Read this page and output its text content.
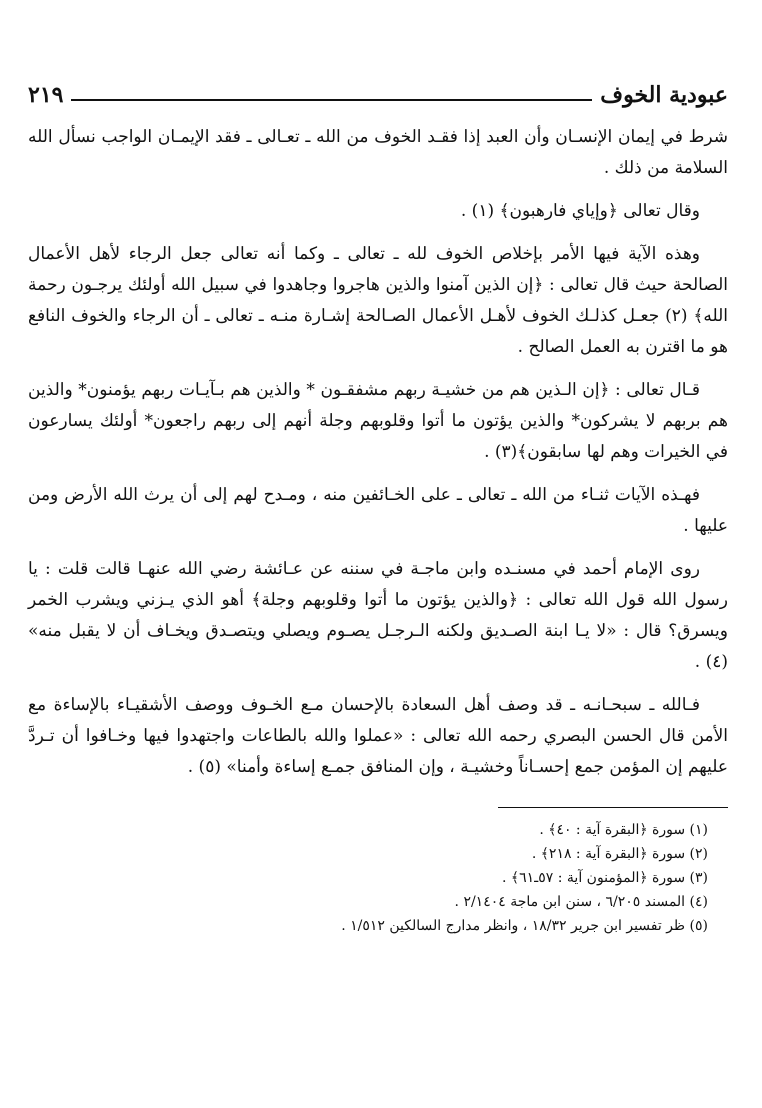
عبودية الخوف
٢١٩

شرط في إيمان الإنسـان وأن العبد إذا فقـد الخوف من الله ـ تعـالى ـ فقد الإيمـان الواجب نسأل الله السلامة من ذلك .

وقال تعالى ﴿وإياي فارهبون﴾ (١) .

وهذه الآية فيها الأمر بإخلاص الخوف لله ـ تعالى ـ وكما أنه تعالى جعل الرجاء لأهل الأعمال الصالحة حيث قال تعالى : ﴿إن الذين آمنوا والذين هاجروا وجاهدوا في سبيل الله أولئك يرجـون رحمة الله﴾ (٢) جعـل كذلـك الخوف لأهـل الأعمال الصـالحة إشـارة منـه ـ تعالى ـ أن الرجاء والخوف النافع هو ما اقترن به العمل الصالح .

قـال تعالى : ﴿إن الـذين هم من خشيـة ربهم مشفقـون * والذين هم بـآيـات ربهم يؤمنون* والذين هم بربهم لا يشركون* والذين يؤتون ما أتوا وقلوبهم وجلة أنهم إلى ربهم راجعون* أولئك يسارعون في الخيرات وهم لها سابقون﴾(٣) .

فهـذه الآيات ثنـاء من الله ـ تعالى ـ على الخـائفين منه ، ومـدح لهم إلى أن يرث الله الأرض ومن عليها .

روى الإمام أحمد في مسنـده وابن ماجـة في سننه عن عـائشة رضي الله عنهـا قالت قلت : يا رسول الله قول الله تعالى : ﴿والذين يؤتون ما أتوا وقلوبهم وجلة﴾ أهو الذي يـزني ويشرب الخمر ويسرق؟ قال : «لا يـا ابنة الصـديق ولكنه الـرجـل يصـوم ويصلي ويتصـدق ويخـاف أن لا يقبل منه» (٤) .

فـالله ـ سبحـانـه ـ قد وصف أهل السعادة بالإحسان مـع الخـوف ووصف الأشقيـاء بالإساءة مع الأمن قال الحسن البصري رحمه الله تعالى : «عملوا والله بالطاعات واجتهدوا فيها وخـافوا أن تـردَّ عليهم إن المؤمن جمع إحسـاناً وخشيـة ، وإن المنافق جمـع إساءة وأمنا» (٥) .

(١) سورة ﴿البقرة آية : ٤٠﴾ .
(٢) سورة ﴿البقرة آية : ٢١٨﴾ .
(٣) سورة ﴿المؤمنون آية : ٥٧ـ٦١﴾ .
(٤) المسند ٦/٢٠٥ ، سنن ابن ماجة ٢/١٤٠٤ .
(٥) ظر تفسير ابن جرير ١٨/٣٢ ، وانظر مدارج السالكين ١/٥١٢ .
